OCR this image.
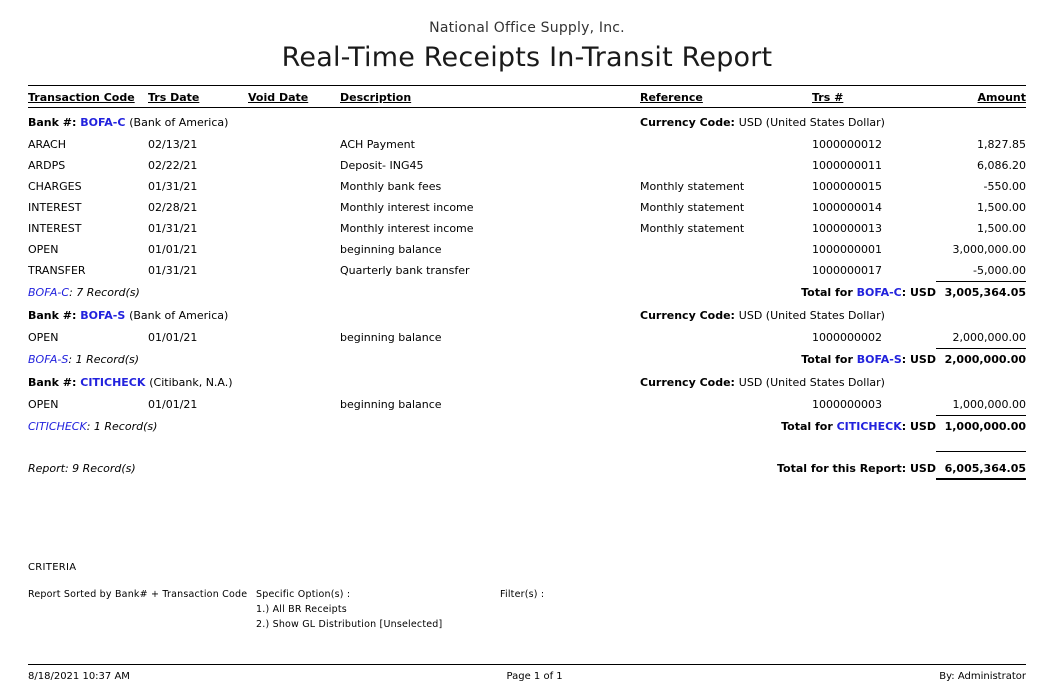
National Office Supply, Inc.
Real-Time Receipts In-Transit Report
Transaction Code	Trs Date	Void Date	Description	Reference	Trs #	Amount
Bank #: BOFA-C (Bank of America)				Currency Code: USD (United States Dollar)		
ARACH	02/13/21		ACH Payment		1000000012	1,827.85
ARDPS	02/22/21		Deposit- ING45		1000000011	6,086.20
CHARGES	01/31/21		Monthly bank fees	Monthly statement	1000000015	-550.00
INTEREST	02/28/21		Monthly interest income	Monthly statement	1000000014	1,500.00
INTEREST	01/31/21		Monthly interest income	Monthly statement	1000000013	1,500.00
OPEN	01/01/21		beginning balance		1000000001	3,000,000.00
TRANSFER	01/31/21		Quarterly bank transfer		1000000017	-5,000.00
BOFA-C: 7 Record(s)				Total for BOFA-C: USD		3,005,364.05
Bank #: BOFA-S (Bank of America)				Currency Code: USD (United States Dollar)		
OPEN	01/01/21		beginning balance		1000000002	2,000,000.00
BOFA-S: 1 Record(s)				Total for BOFA-S: USD		2,000,000.00
Bank #: CITICHECK (Citibank, N.A.)				Currency Code: USD (United States Dollar)		
OPEN	01/01/21		beginning balance		1000000003	1,000,000.00
CITICHECK: 1 Record(s)				Total for CITICHECK: USD		1,000,000.00

Report: 9 Record(s)				Total for this Report: USD		6,005,364.05
CRITERIA
Report Sorted by Bank# + Transaction Code Specific Option(s) :
1.) All BR Receipts
2.) Show GL Distribution [Unselected]
Filter(s) :
8/18/2021 10:37 AM	Page 1 of 1	By: Administrator
